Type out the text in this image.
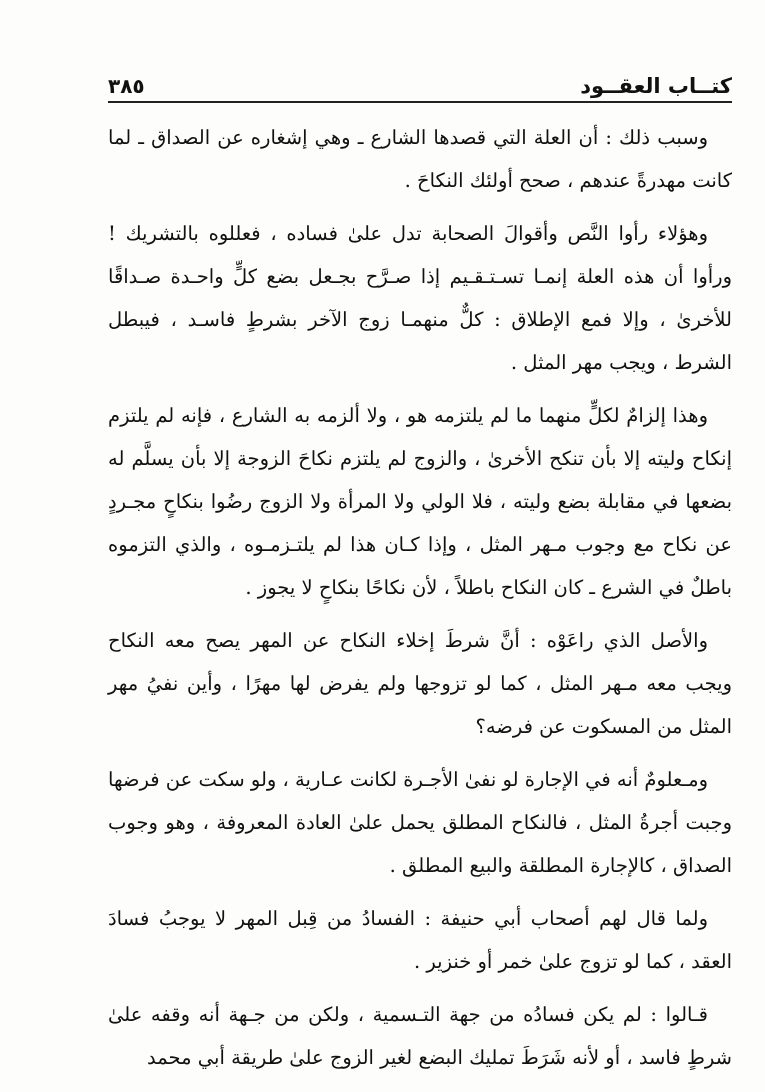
كتــاب العقــود
٣٨٥

وسبب ذلك : أن العلة التي قصدها الشارع ـ وهي إشغاره عن الصداق ـ لما كانت مهدرةً عندهم ، صحح أولئك النكاحَ .

وهؤلاء رأوا النَّص وأقوالَ الصحابة تدل علىٰ فساده ، فعللوه بالتشريك ! ورأوا أن هذه العلة إنمـا تسـتـقـيم إذا صـرَّح بجـعل بضع كلٍّ واحـدة صـداقًا للأخرىٰ ، وإلا فمع الإطلاق : كلٌّ منهمـا زوج الآخر بشرطٍ فاسـد ، فيبطل الشرط ، ويجب مهر المثل .

وهذا إلزامٌ لكلٍّ منهما ما لم يلتزمه هو ، ولا ألزمه به الشارع ، فإنه لم يلتزم إنكاح وليته إلا بأن تنكح الأخرىٰ ، والزوج لم يلتزم نكاحَ الزوجة إلا بأن يسلَّم له بضعها في مقابلة بضع وليته ، فلا الولي ولا المرأة ولا الزوج رضُوا بنكاحٍ مجـردٍ عن نكاح مع وجوب مـهر المثل ، وإذا كـان هذا لم يلتـزمـوه ، والذي التزموه باطلٌ في الشرع ـ كان النكاح باطلاً ، لأن نكاحًا بنكاحٍ لا يجوز .

والأصل الذي راعَوْه : أنَّ شرطَ إخلاء النكاح عن المهر يصح معه النكاح ويجب معه مـهر المثل ، كما لو تزوجها ولم يفرض لها مهرًا ، وأين نفيُ مهر المثل من المسكوت عن فرضه؟

ومـعلومٌ أنه في الإجارة لو نفىٰ الأجـرة لكانت عـارية ، ولو سكت عن فرضها وجبت أجرةُ المثل ، فالنكاح المطلق يحمل علىٰ العادة المعروفة ، وهو وجوب الصداق ، كالإجارة المطلقة والبيع المطلق .

ولما قال لهم أصحاب أبي حنيفة : الفسادُ من قِبل المهر لا يوجبُ فسادَ العقد ، كما لو تزوج علىٰ خمر أو خنزير .

قـالوا : لم يكن فسادُه من جهة التـسمية ، ولكن من جـهة أنه وقفه علىٰ شرطٍ فاسد ، أو لأنه شَرَطَ تمليك البضع لغير الزوج علىٰ طريقة أبي محمد
